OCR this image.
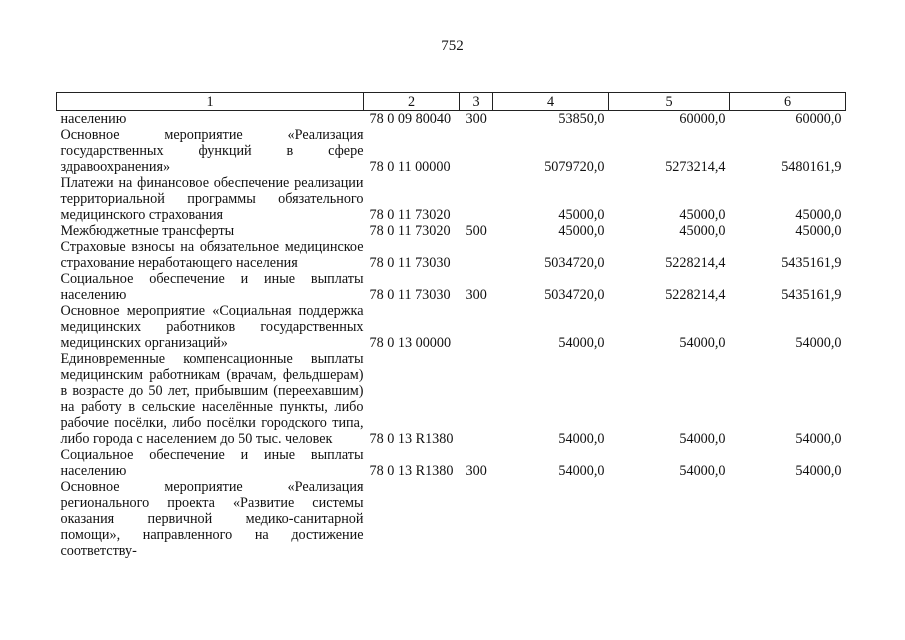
752
1	2	3	4	5	6
населению	78 0 09 80040	300	53850,0	60000,0	60000,0
Основное мероприятие «Реализация государственных функций в сфере здравоохранения»	78 0 11 00000		5079720,0	5273214,4	5480161,9
Платежи на финансовое обеспечение реализации территориальной программы обязательного медицинского страхования	78 0 11 73020		45000,0	45000,0	45000,0
Межбюджетные трансферты	78 0 11 73020	500	45000,0	45000,0	45000,0
Страховые взносы на обязательное медицинское страхование неработающего населения	78 0 11 73030		5034720,0	5228214,4	5435161,9
Социальное обеспечение и иные выплаты населению	78 0 11 73030	300	5034720,0	5228214,4	5435161,9
Основное мероприятие «Социальная поддержка медицинских работников государственных медицинских организаций»	78 0 13 00000		54000,0	54000,0	54000,0
Единовременные компенсационные выплаты медицинским работникам (врачам, фельдшерам) в возрасте до 50 лет, прибывшим (переехавшим) на работу в сельские населённые пункты, либо рабочие посёлки, либо посёлки городского типа, либо города с населением до 50 тыс. человек	78 0 13 R1380		54000,0	54000,0	54000,0
Социальное обеспечение и иные выплаты населению	78 0 13 R1380	300	54000,0	54000,0	54000,0
Основное мероприятие «Реализация регионального проекта «Развитие системы оказания первичной медико-санитарной помощи», направленного на достижение соответству-					
